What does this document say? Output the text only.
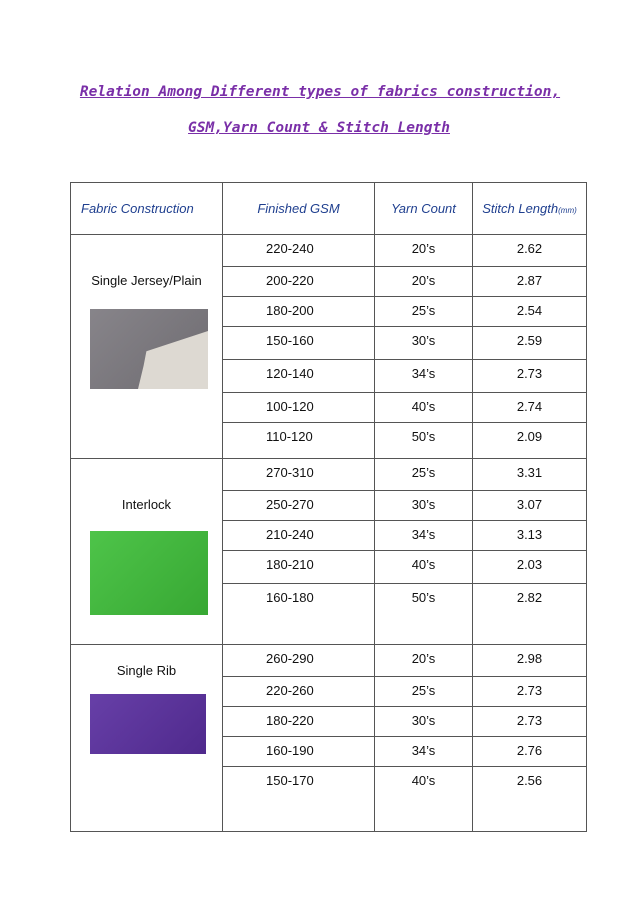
Relation Among Different types of fabrics construction,
GSM,Yarn Count & Stitch Length
Fabric Construction	Finished GSM	Yarn Count	Stitch Length(mm)

Single Jersey/Plain	220-240	20’s	2.62
	200-220	20’s	2.87
	180-200	25’s	2.54
	150-160	30’s	2.59
	120-140	34’s	2.73
	100-120	40’s	2.74
	110-120	50’s	2.09

Interlock	270-310	25’s	3.31
	250-270	30’s	3.07
	210-240	34’s	3.13
	180-210	40’s	2.03
	160-180	50’s	2.82

Single Rib	260-290	20’s	2.98
	220-260	25’s	2.73
	180-220	30’s	2.73
	160-190	34’s	2.76
	150-170	40’s	2.56
